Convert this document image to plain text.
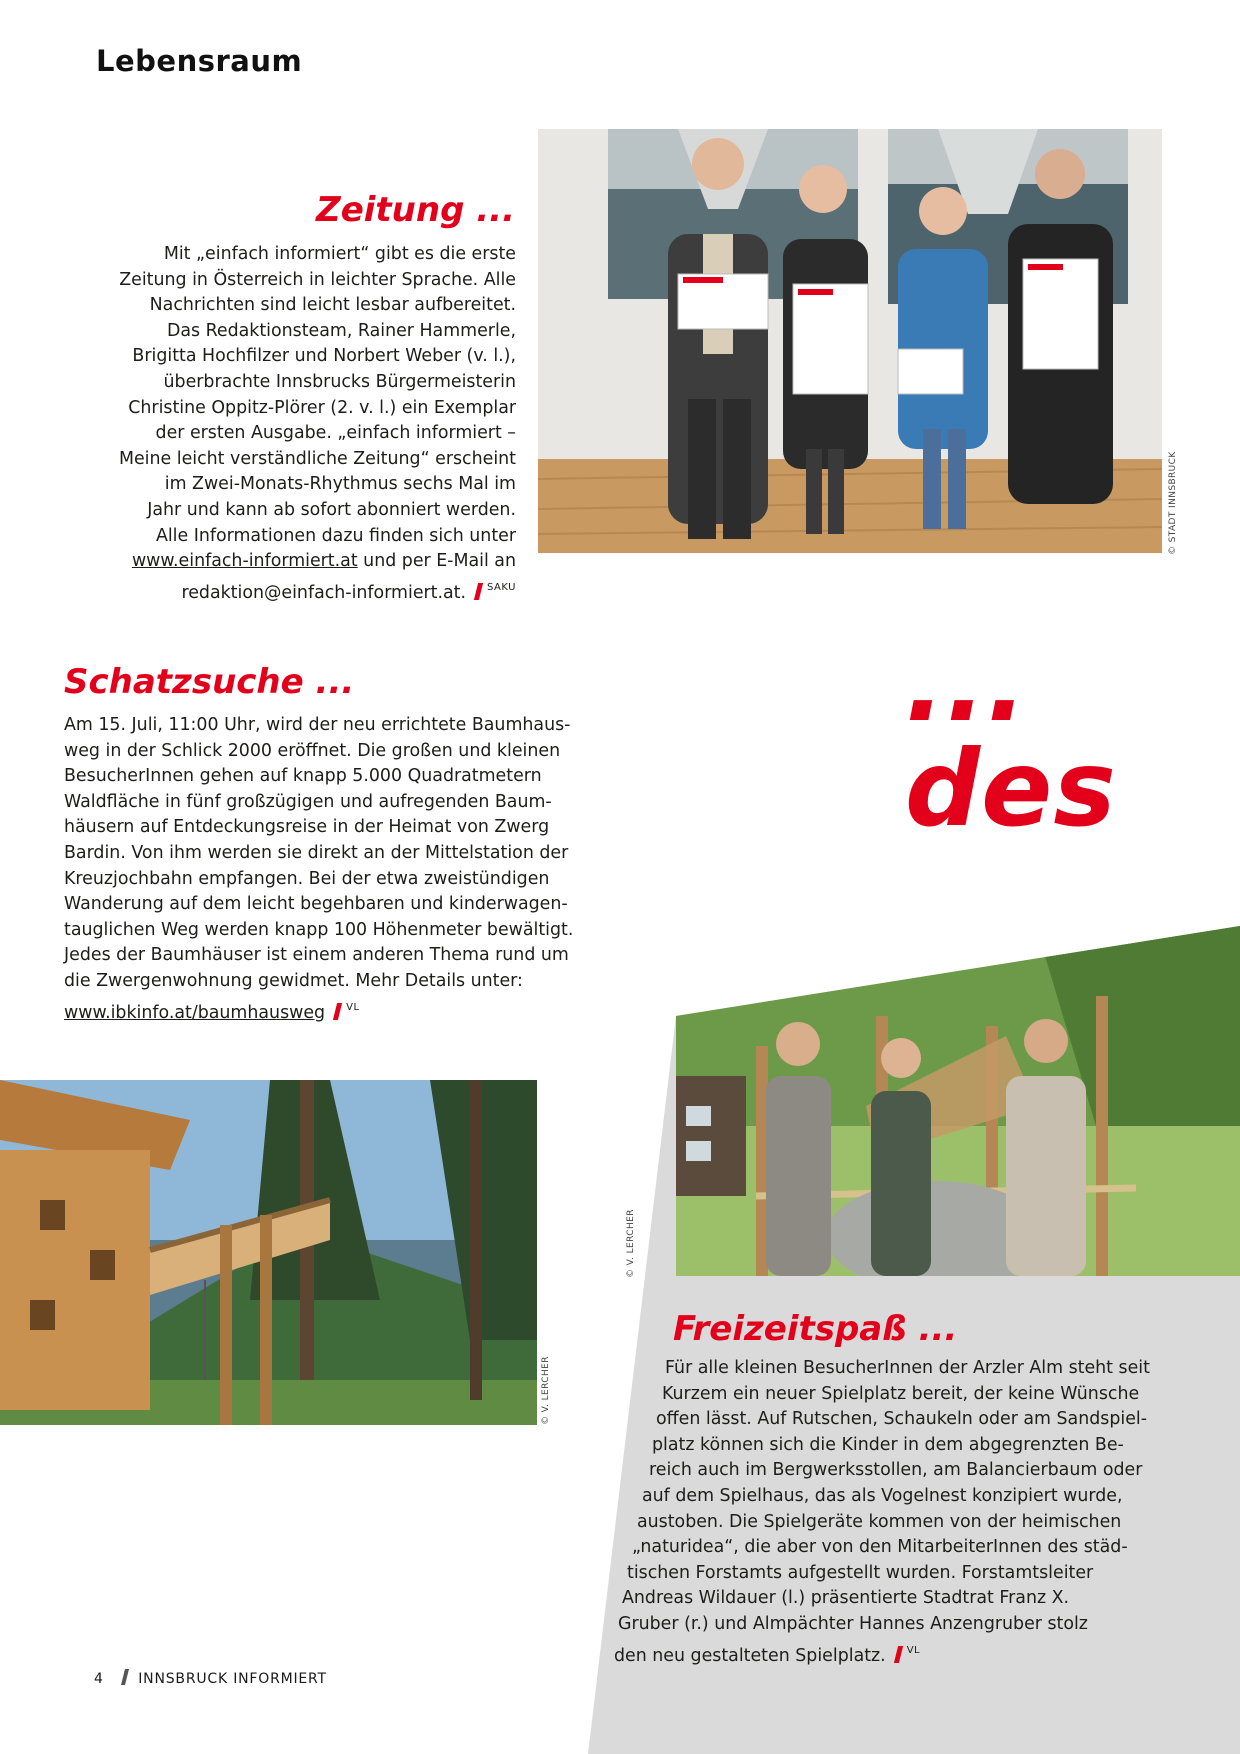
Lebensraum
© STADT INNSBRUCK
Zeitung ...
Mit „einfach informiert“ gibt es die erste
Zeitung in Österreich in leichter Sprache. Alle
Nachrichten sind leicht lesbar aufbereitet.
Das Redaktionsteam, Rainer Hammerle,
Brigitta Hochfilzer und Norbert Weber (v. l.),
überbrachte Innsbrucks Bürgermeisterin
Christine Oppitz-Plörer (2. v. l.) ein Exemplar
der ersten Ausgabe. „einfach informiert –
Meine leicht verständliche Zeitung“ erscheint
im Zwei-Monats-Rhythmus sechs Mal im
Jahr und kann ab sofort abonniert werden.
Alle Informationen dazu finden sich unter
www.einfach-informiert.at und per E-Mail an
redaktion@einfach-informiert.at. $^{SAKU}$
... des
Schatzsuche ...
Am 15. Juli, 11:00 Uhr, wird der neu errichtete Baumhaus-
weg in der Schlick 2000 eröffnet. Die großen und kleinen
BesucherInnen gehen auf knapp 5.000 Quadratmetern
Waldfläche in fünf großzügigen und aufregenden Baum-
häusern auf Entdeckungsreise in der Heimat von Zwerg
Bardin. Von ihm werden sie direkt an der Mittelstation der
Kreuzjochbahn empfangen. Bei der etwa zweistündigen
Wanderung auf dem leicht begehbaren und kinderwagen-
tauglichen Weg werden knapp 100 Höhenmeter bewältigt.
Jedes der Baumhäuser ist einem anderen Thema rund um
die Zwergenwohnung gewidmet. Mehr Details unter:
www.ibkinfo.at/baumhausweg $^{VL}$
© V. LERCHER
© V. LERCHER
Freizeitspaß ...
Für alle kleinen BesucherInnen der Arzler Alm steht seit
Kurzem ein neuer Spielplatz bereit, der keine Wünsche
offen lässt. Auf Rutschen, Schaukeln oder am Sandspiel-
platz können sich die Kinder in dem abgegrenzten Be-
reich auch im Bergwerksstollen, am Balancierbaum oder
auf dem Spielhaus, das als Vogelnest konzipiert wurde,
austoben. Die Spielgeräte kommen von der heimischen
„naturidea“, die aber von den MitarbeiterInnen des städ-
tischen Forstamts aufgestellt wurden. Forstamtsleiter
Andreas Wildauer (l.) präsentierte Stadtrat Franz X.
Gruber (r.) und Almpächter Hannes Anzengruber stolz
den neu gestalteten Spielplatz. $^{VL}$
4 INNSBRUCK INFORMIERT
